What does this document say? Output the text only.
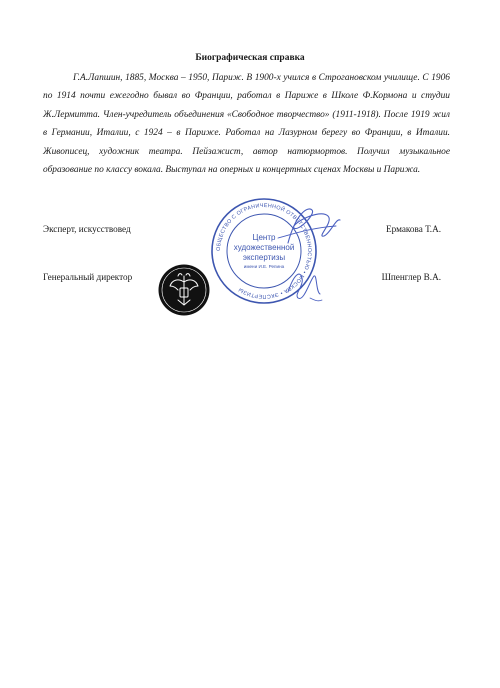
Биографическая справка
Г.А.Лапшин, 1885, Москва – 1950, Париж. В 1900-х учился в Строгановском училище. С 1906 по 1914 почти ежегодно бывал во Франции, работал в Париже в Школе Ф.Кормона и студии Ж.Лермитта. Член-учредитель объединения «Свободное творчество» (1911-1918). После 1919 жил в Германии, Италии, с 1924 – в Париже. Работал на Лазурном берегу во Франции, в Италии. Живописец, художник театра. Пейзажист, автор натюрмортов. Получил музыкальное образование по классу вокала. Выступал на оперных и концертных сценах Москвы и Парижа.
Эксперт, искусствовед	Ермакова Т.А.
Генеральный директор	Шпенглер В.А.
ОБЩЕСТВО С ОГРАНИЧЕННОЙ ОТВЕТСТВЕННОСТЬЮ • МОСКВА • ЭКСПЕРТИЗЫ
Центр
художественной
экспертизы
имени И.Е. Репина
